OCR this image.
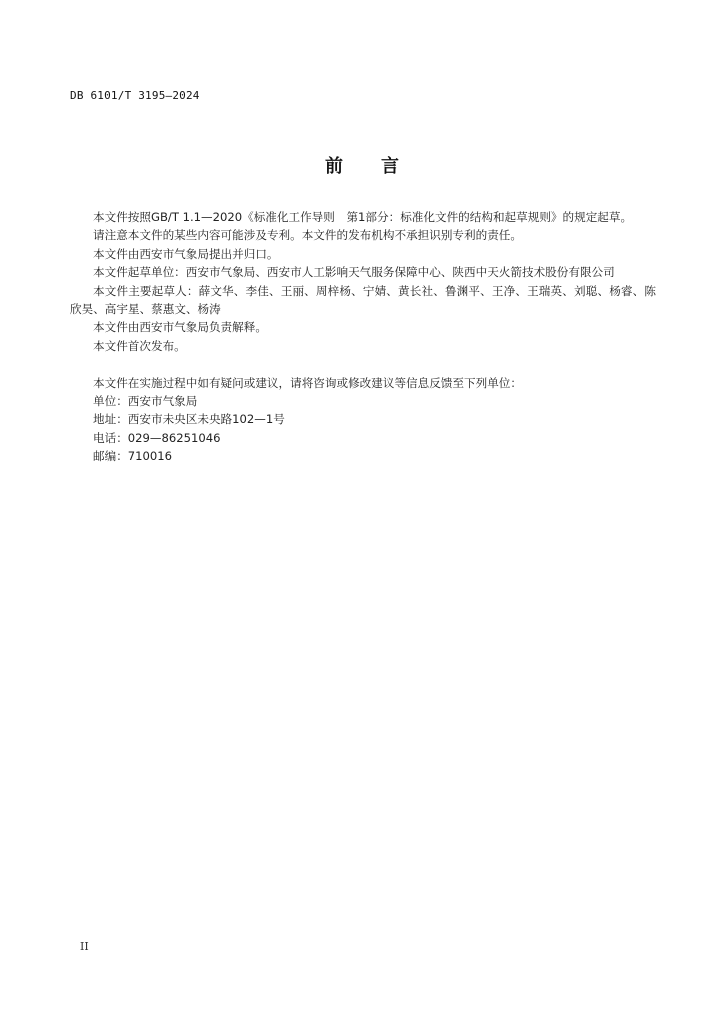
DB 6101/T 3195—2024
前 言

本文件按照GB/T 1.1—2020《标准化工作导则　第1部分：标准化文件的结构和起草规则》的规定起草。

请注意本文件的某些内容可能涉及专利。本文件的发布机构不承担识别专利的责任。

本文件由西安市气象局提出并归口。

本文件起草单位：西安市气象局、西安市人工影响天气服务保障中心、陕西中天火箭技术股份有限公司

本文件主要起草人：薛文华、李佳、王丽、周梓杨、宁婧、黄长社、鲁渊平、王净、王瑞英、刘聪、杨睿、陈欣昊、高宇星、蔡惠文、杨涛

本文件由西安市气象局负责解释。

本文件首次发布。

本文件在实施过程中如有疑问或建议，请将咨询或修改建议等信息反馈至下列单位：

单位：西安市气象局

地址：西安市未央区未央路102—1号

电话：029—86251046

邮编：710016

II
